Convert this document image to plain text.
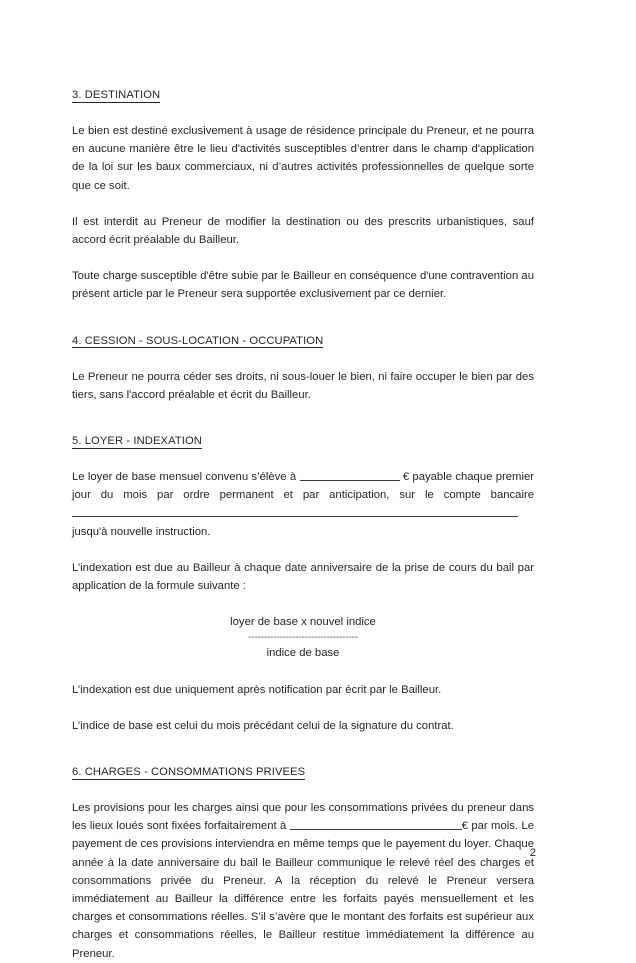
3. DESTINATION

Le bien est destiné exclusivement à usage de résidence principale du Preneur, et ne pourra en aucune manière être le lieu d'activités susceptibles d’entrer dans le champ d'application de la loi sur les baux commerciaux, ni d’autres activités professionnelles de quelque sorte que ce soit.

Il est interdit au Preneur de modifier la destination ou des prescrits urbanistiques, sauf accord écrit préalable du Bailleur.

Toute charge susceptible d'être subie par le Bailleur en conséquence d'une contravention au présent article par le Preneur sera supportée exclusivement par ce dernier.

4. CESSION - SOUS-LOCATION - OCCUPATION

Le Preneur ne pourra céder ses droits, ni sous-louer le bien, ni faire occuper le bien par des tiers, sans l'accord préalable et écrit du Bailleur.

5. LOYER - INDEXATION

Le loyer de base mensuel convenu s’élève à	€ payable chaque premier jour du mois par ordre permanent et par anticipation, sur le compte bancaire jusqu'à nouvelle instruction.

L’indexation est due au Bailleur à chaque date anniversaire de la prise de cours du bail par application de la formule suivante :

loyer de base x nouvel indice
-----------------------------------
indice de base

L’indexation est due uniquement après notification par écrit par le Bailleur.

L’indice de base est celui du mois précédant celui de la signature du contrat.

6. CHARGES - CONSOMMATIONS PRIVEES

Les provisions pour les charges ainsi que pour les consommations privées du preneur dans les lieux loués sont fixées forfaitairement à	€ par mois. Le payement de ces provisions interviendra en même temps que le payement du loyer. Chaque année à la date anniversaire du bail le Bailleur communique le relevé réel des charges et consommations privée du Preneur. A la réception du relevé le Preneur versera immédiatement au Bailleur la différence entre les forfaits payés mensuellement et les charges et consommations réelles. S’il s’avère que le montant des forfaits est supérieur aux charges et consommations réelles, le Bailleur restitue immédiatement la différence au Preneur.

2
